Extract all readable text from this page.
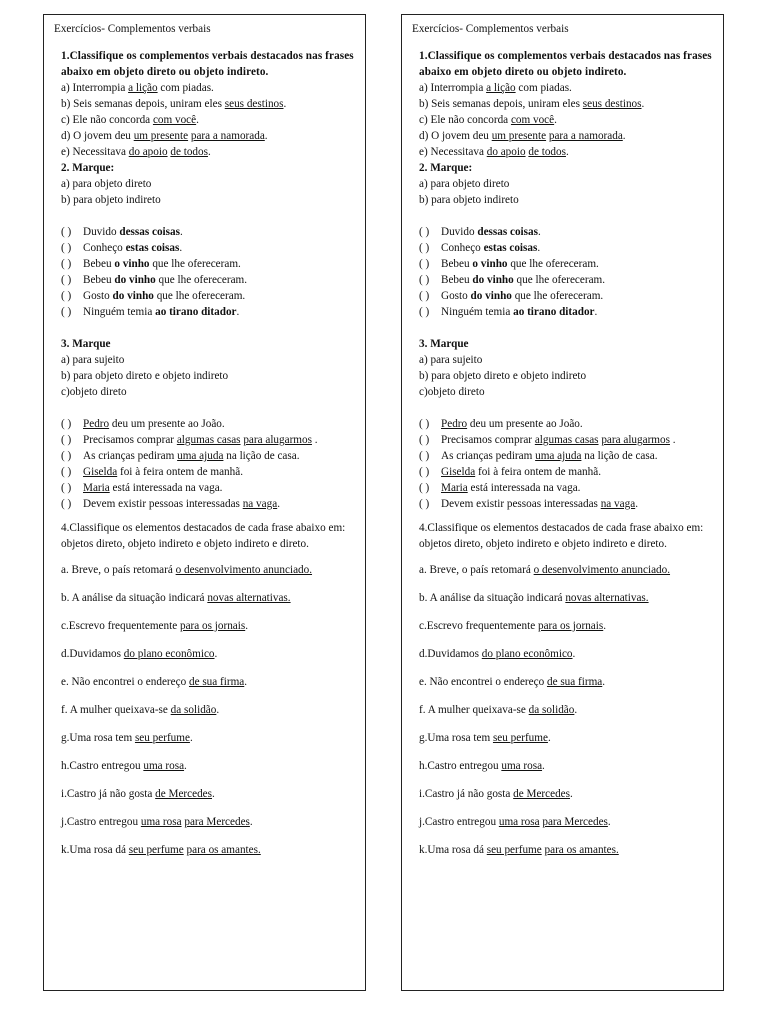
Exercícios- Complementos verbais
1.Classifique os complementos verbais destacados nas frases abaixo em objeto direto ou objeto indireto.
a) Interrompia a lição com piadas.
b) Seis semanas depois, uniram eles seus destinos.
c) Ele não concorda com você.
d) O jovem deu um presente para a namorada.
e) Necessitava do apoio de todos.
2. Marque:
a) para objeto direto
b) para objeto indireto
( ) Duvido dessas coisas.
( ) Conheço estas coisas.
( ) Bebeu o vinho que lhe ofereceram.
( ) Bebeu do vinho que lhe ofereceram.
( ) Gosto do vinho que lhe ofereceram.
( ) Ninguém temia ao tirano ditador.
3. Marque
a) para sujeito
b) para objeto direto e objeto indireto
c)objeto direto
( ) Pedro deu um presente ao João.
( ) Precisamos comprar algumas casas para alugarmos .
( ) As crianças pediram uma ajuda na lição de casa.
( ) Giselda foi à feira ontem de manhã.
( ) Maria está interessada na vaga.
( ) Devem existir pessoas interessadas na vaga.
4.Classifique os elementos destacados de cada frase abaixo em: objetos direto, objeto indireto e objeto indireto e direto.
a. Breve, o país retomará o desenvolvimento anunciado.
b. A análise da situação indicará novas alternativas.
c.Escrevo frequentemente para os jornais.
d.Duvidamos do plano econômico.
e. Não encontrei o endereço de sua firma.
f. A mulher queixava-se da solidão.
g.Uma rosa tem seu perfume.
h.Castro entregou uma rosa.
i.Castro já não gosta de Mercedes.
j.Castro entregou uma rosa para Mercedes.
k.Uma rosa dá seu perfume para os amantes.
Exercícios- Complementos verbais
1.Classifique os complementos verbais destacados nas frases abaixo em objeto direto ou objeto indireto.
a) Interrompia a lição com piadas.
b) Seis semanas depois, uniram eles seus destinos.
c) Ele não concorda com você.
d) O jovem deu um presente para a namorada.
e) Necessitava do apoio de todos.
2. Marque:
a) para objeto direto
b) para objeto indireto
( ) Duvido dessas coisas.
( ) Conheço estas coisas.
( ) Bebeu o vinho que lhe ofereceram.
( ) Bebeu do vinho que lhe ofereceram.
( ) Gosto do vinho que lhe ofereceram.
( ) Ninguém temia ao tirano ditador.
3. Marque
a) para sujeito
b) para objeto direto e objeto indireto
c)objeto direto
( ) Pedro deu um presente ao João.
( ) Precisamos comprar algumas casas para alugarmos .
( ) As crianças pediram uma ajuda na lição de casa.
( ) Giselda foi à feira ontem de manhã.
( ) Maria está interessada na vaga.
( ) Devem existir pessoas interessadas na vaga.
4.Classifique os elementos destacados de cada frase abaixo em: objetos direto, objeto indireto e objeto indireto e direto.
a. Breve, o país retomará o desenvolvimento anunciado.
b. A análise da situação indicará novas alternativas.
c.Escrevo frequentemente para os jornais.
d.Duvidamos do plano econômico.
e. Não encontrei o endereço de sua firma.
f. A mulher queixava-se da solidão.
g.Uma rosa tem seu perfume.
h.Castro entregou uma rosa.
i.Castro já não gosta de Mercedes.
j.Castro entregou uma rosa para Mercedes.
k.Uma rosa dá seu perfume para os amantes.
